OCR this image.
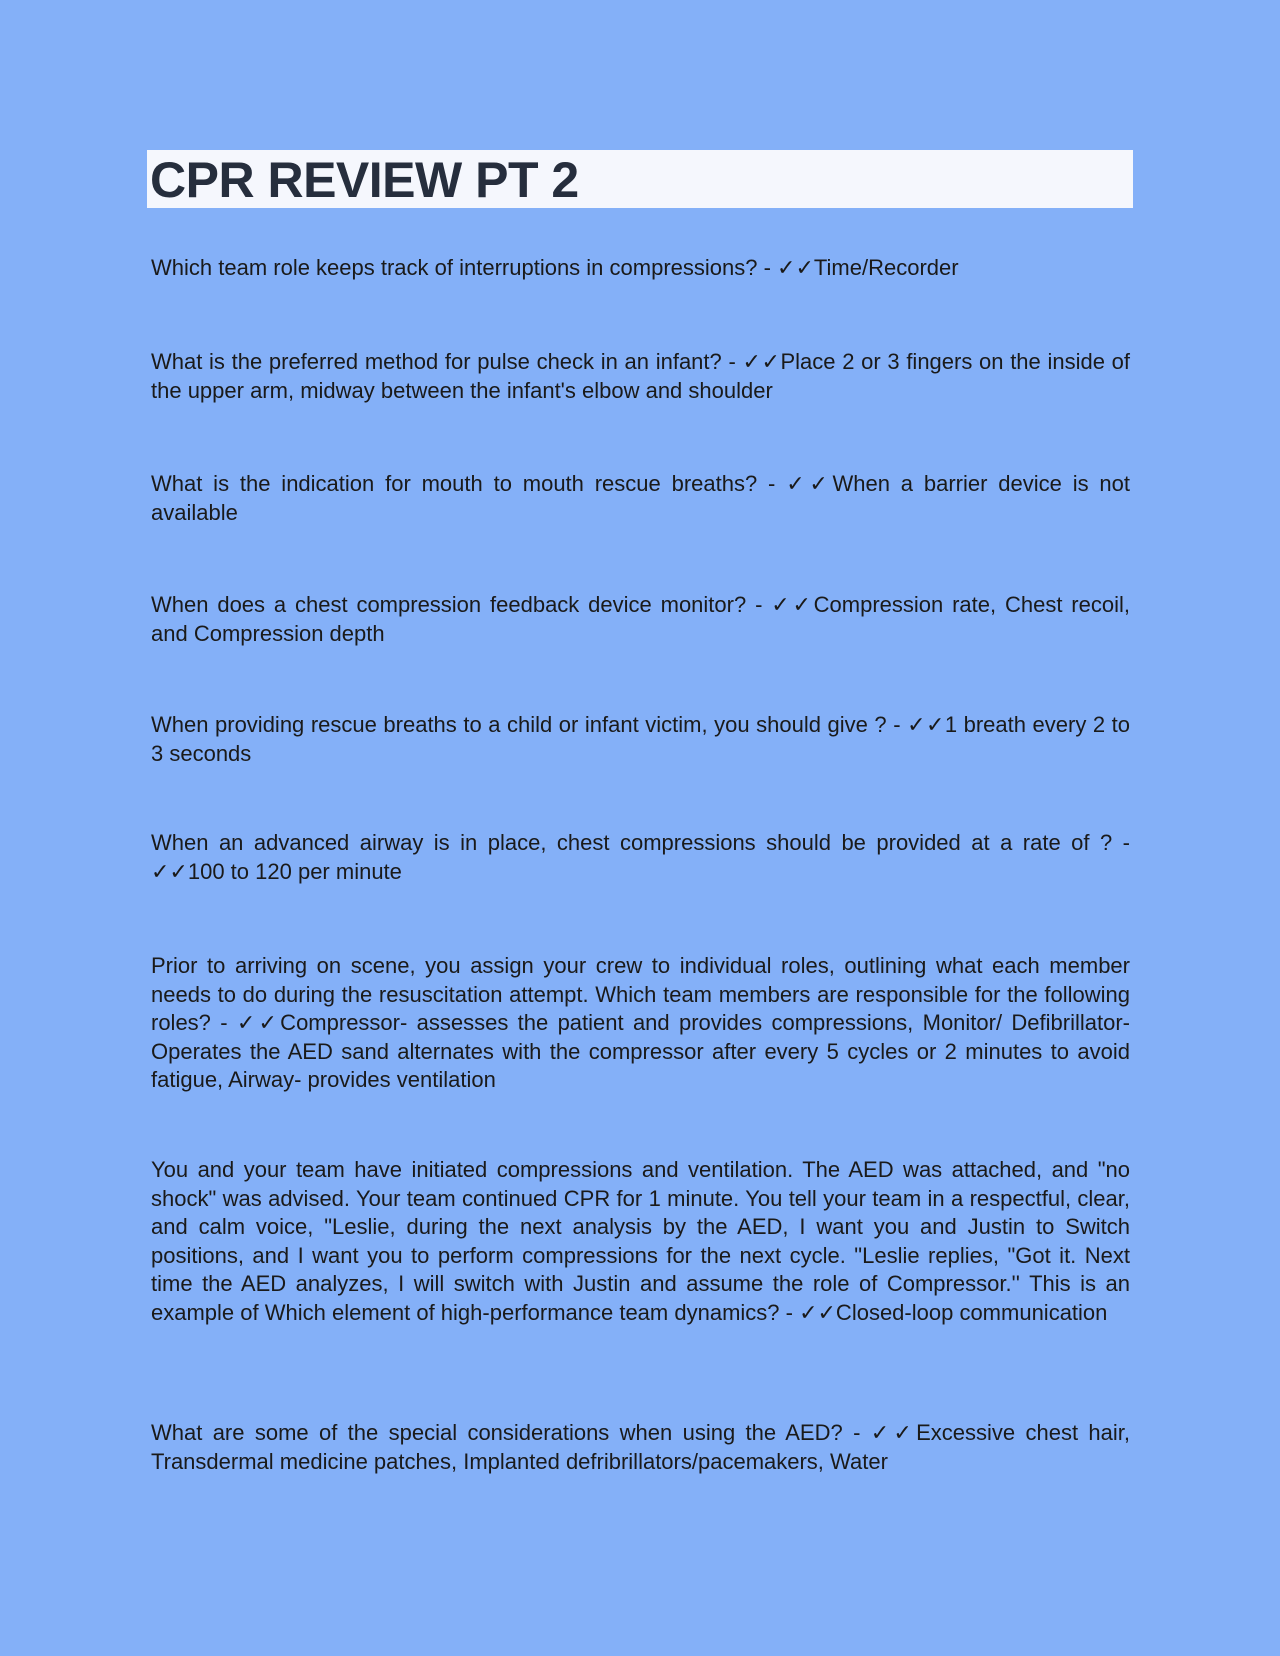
CPR REVIEW PT 2

Which team role keeps track of interruptions in compressions? - ✓✓Time/Recorder

What is the preferred method for pulse check in an infant? - ✓✓Place 2 or 3 fingers on the inside of the upper arm, midway between the infant's elbow and shoulder

What is the indication for mouth to mouth rescue breaths? - ✓✓When a barrier device is not available

When does a chest compression feedback device monitor? - ✓✓Compression rate, Chest recoil, and Compression depth

When providing rescue breaths to a child or infant victim, you should give ? - ✓✓1 breath every 2 to 3 seconds

When an advanced airway is in place, chest compressions should be provided at a rate of ? - ✓✓100 to 120 per minute

Prior to arriving on scene, you assign your crew to individual roles, outlining what each member needs to do during the resuscitation attempt. Which team members are responsible for the following roles? - ✓✓Compressor- assesses the patient and provides compressions, Monitor/ Defibrillator- Operates the AED sand alternates with the compressor after every 5 cycles or 2 minutes to avoid fatigue, Airway- provides ventilation

You and your team have initiated compressions and ventilation. The AED was attached, and "no shock" was advised. Your team continued CPR for 1 minute. You tell your team in a respectful, clear, and calm voice, "Leslie, during the next analysis by the AED, I want you and Justin to Switch positions, and I want you to perform compressions for the next cycle. "Leslie replies, "Got it. Next time the AED analyzes, I will switch with Justin and assume the role of Compressor.'' This is an example of Which element of high-performance team dynamics? - ✓✓Closed-loop communication

What are some of the special considerations when using the AED? - ✓✓Excessive chest hair, Transdermal medicine patches, Implanted defribrillators/pacemakers, Water
